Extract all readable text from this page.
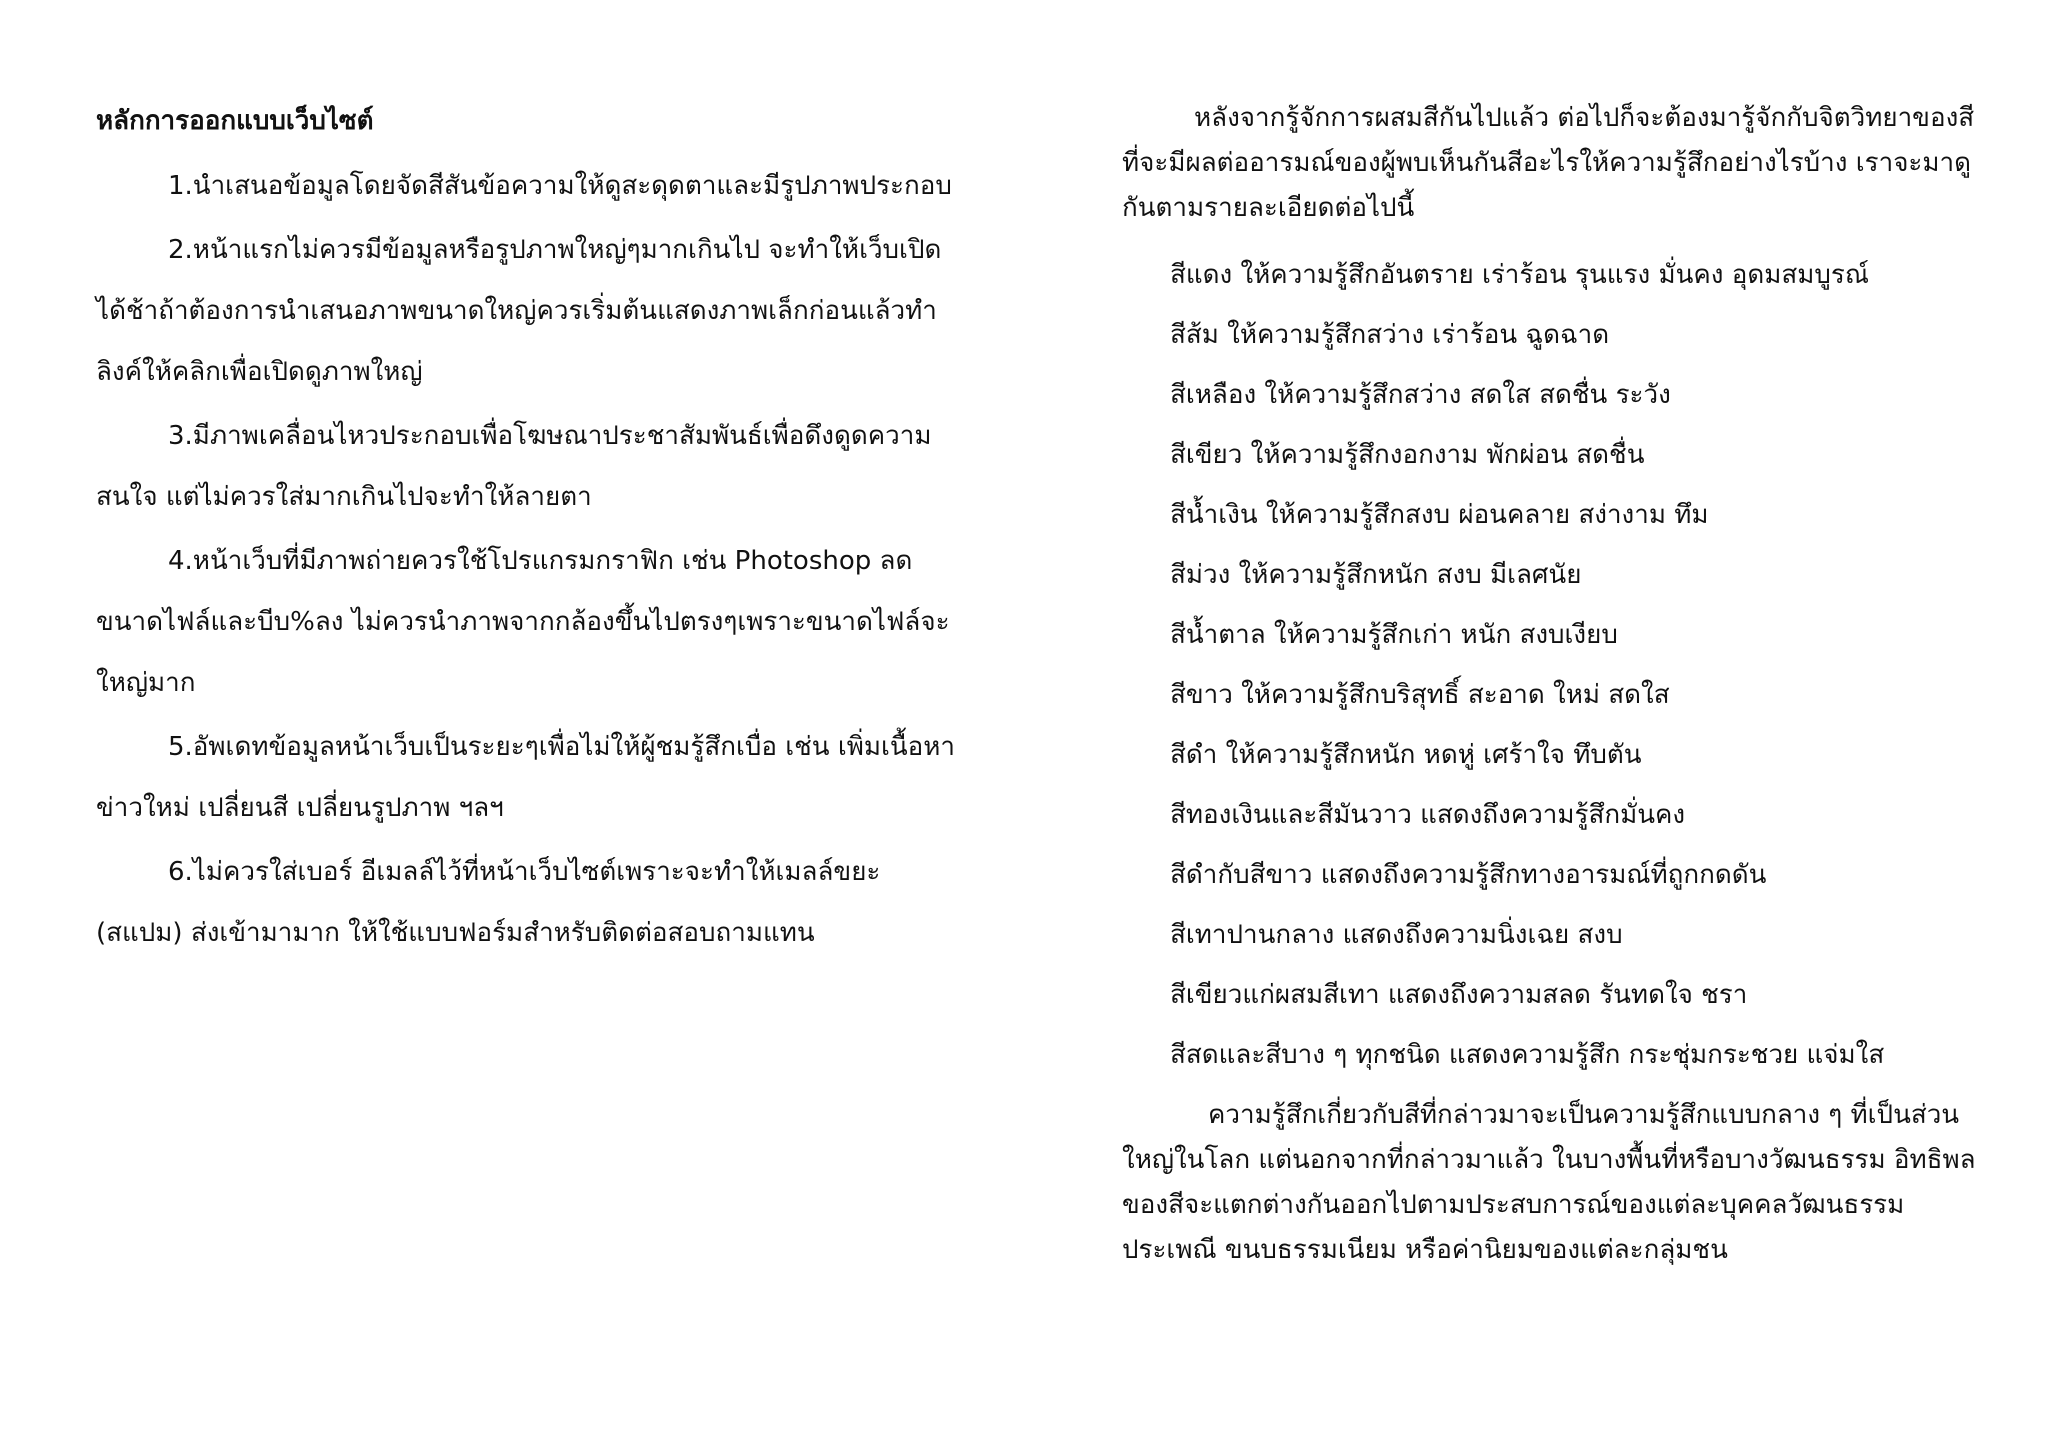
หลักการออกแบบเว็บไซต์

1.นำเสนอข้อมูลโดยจัดสีสันข้อความให้ดูสะดุดตาและมีรูปภาพประกอบ

2.หน้าแรกไม่ควรมีข้อมูลหรือรูปภาพใหญ่ๆมากเกินไป จะทำให้เว็บเปิดได้ช้าถ้าต้องการนำเสนอภาพขนาดใหญ่ควรเริ่มต้นแสดงภาพเล็กก่อนแล้วทำลิงค์ให้คลิกเพื่อเปิดดูภาพใหญ่

3.มีภาพเคลื่อนไหวประกอบเพื่อโฆษณาประชาสัมพันธ์เพื่อดึงดูดความสนใจ แต่ไม่ควรใส่มากเกินไปจะทำให้ลายตา

4.หน้าเว็บที่มีภาพถ่ายควรใช้โปรแกรมกราฟิก เช่น Photoshop ลดขนาดไฟล์และบีบ%ลง ไม่ควรนำภาพจากกล้องขึ้นไปตรงๆเพราะขนาดไฟล์จะใหญ่มาก

5.อัพเดทข้อมูลหน้าเว็บเป็นระยะๆเพื่อไม่ให้ผู้ชมรู้สึกเบื่อ เช่น เพิ่มเนื้อหาข่าวใหม่ เปลี่ยนสี เปลี่ยนรูปภาพ ฯลฯ

6.ไม่ควรใส่เบอร์ อีเมลล์ไว้ที่หน้าเว็บไซต์เพราะจะทำให้เมลล์ขยะ (สแปม) ส่งเข้ามามาก ให้ใช้แบบฟอร์มสำหรับติดต่อสอบถามแทน

หลังจากรู้จักการผสมสีกันไปแล้ว ต่อไปก็จะต้องมารู้จักกับจิตวิทยาของสีที่จะมีผลต่ออารมณ์ของผู้พบเห็นกันสีอะไรให้ความรู้สึกอย่างไรบ้าง เราจะมาดูกันตามรายละเอียดต่อไปนี้

สีแดง ให้ความรู้สึกอันตราย เร่าร้อน รุนแรง มั่นคง อุดมสมบูรณ์
สีส้ม ให้ความรู้สึกสว่าง เร่าร้อน ฉูดฉาด
สีเหลือง ให้ความรู้สึกสว่าง สดใส สดชื่น ระวัง
สีเขียว ให้ความรู้สึกงอกงาม พักผ่อน สดชื่น
สีน้ำเงิน ให้ความรู้สึกสงบ ผ่อนคลาย สง่างาม ทึม
สีม่วง ให้ความรู้สึกหนัก สงบ มีเลศนัย
สีน้ำตาล ให้ความรู้สึกเก่า หนัก สงบเงียบ
สีขาว ให้ความรู้สึกบริสุทธิ์ สะอาด ใหม่ สดใส
สีดำ ให้ความรู้สึกหนัก หดหู่ เศร้าใจ ทึบตัน
สีทองเงินและสีมันวาว แสดงถึงความรู้สึกมั่นคง
สีดำกับสีขาว แสดงถึงความรู้สึกทางอารมณ์ที่ถูกกดดัน
สีเทาปานกลาง แสดงถึงความนิ่งเฉย สงบ
สีเขียวแก่ผสมสีเทา แสดงถึงความสลด รันทดใจ ชรา
สีสดและสีบาง ๆ ทุกชนิด แสดงความรู้สึก กระชุ่มกระชวย แจ่มใส

ความรู้สึกเกี่ยวกับสีที่กล่าวมาจะเป็นความรู้สึกแบบกลาง ๆ ที่เป็นส่วนใหญ่ในโลก แต่นอกจากที่กล่าวมาแล้ว ในบางพื้นที่หรือบางวัฒนธรรม อิทธิพลของสีจะแตกต่างกันออกไปตามประสบการณ์ของแต่ละบุคคลวัฒนธรรม ประเพณี ขนบธรรมเนียม หรือค่านิยมของแต่ละกลุ่มชน
